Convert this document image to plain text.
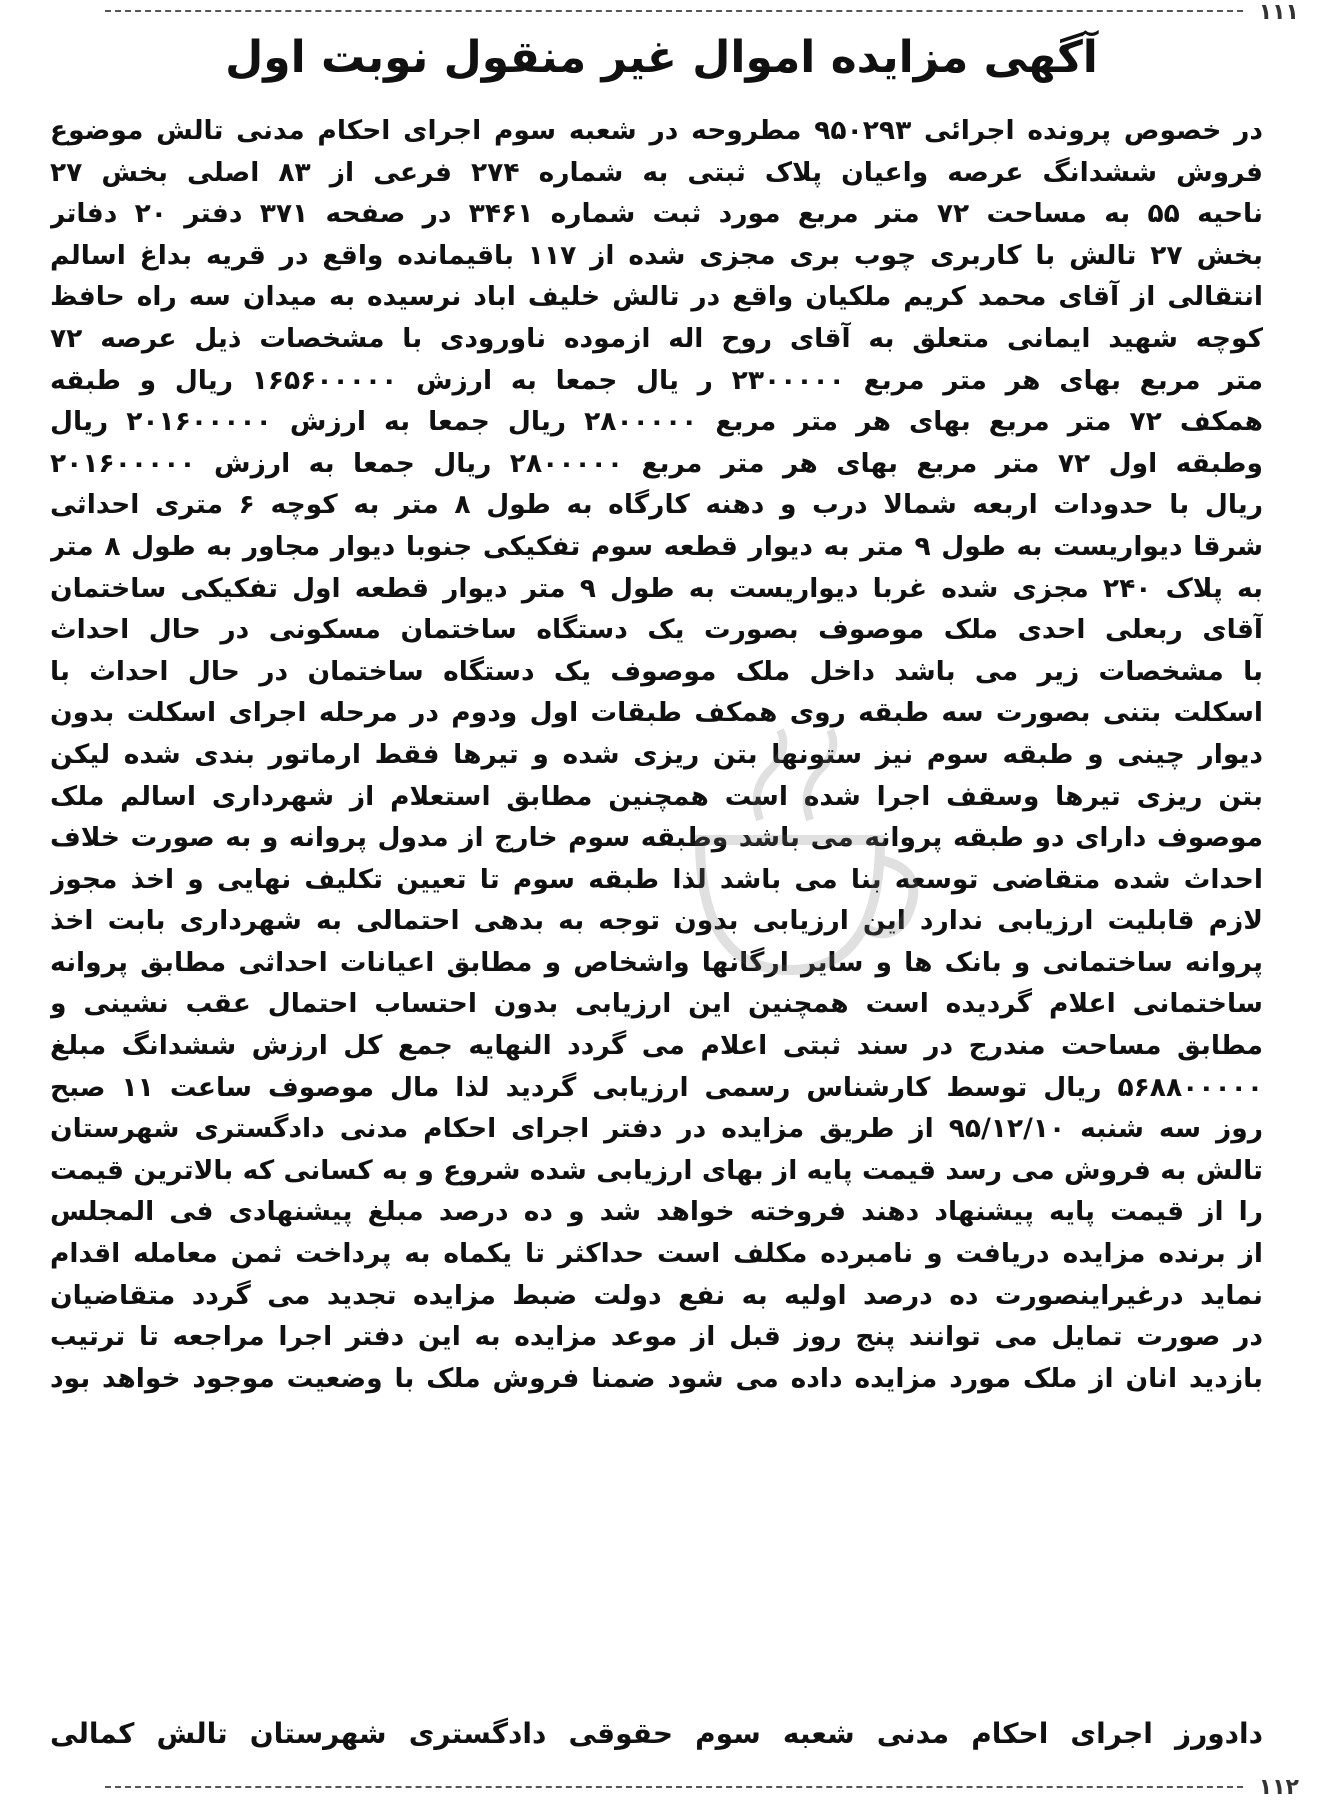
۱۱۱
آگهی مزایده اموال غیر منقول نوبت اول
در خصوص پرونده اجرائی ۹۵۰۲۹۳ مطروحه در شعبه سوم اجرای احکام مدنی تالش موضوع
فروش ششدانگ عرصه واعیان پلاک ثبتی به شماره ۲۷۴ فرعی از ۸۳ اصلی بخش ۲۷
ناحیه ۵۵ به مساحت ۷۲ متر مربع مورد ثبت شماره ۳۴۶۱ در صفحه ۳۷۱ دفتر ۲۰ دفاتر
بخش ۲۷ تالش با کاربری چوب بری مجزی شده از ۱۱۷ باقیمانده واقع در قریه بداغ اسالم
انتقالی از آقای محمد کریم ملکیان واقع در تالش خلیف اباد نرسیده به میدان سه راه حافظ
کوچه شهید ایمانی متعلق به آقای روح اله ازموده ناورودی با مشخصات ذیل عرصه ۷۲
متر مربع بهای هر متر مربع ۲۳۰۰۰۰۰ ر یال جمعا به ارزش ۱۶۵۶۰۰۰۰۰ ریال و طبقه
همکف ۷۲ متر مربع بهای هر متر مربع ۲۸۰۰۰۰۰ ریال جمعا به ارزش ۲۰۱۶۰۰۰۰۰ ریال
وطبقه اول ۷۲ متر مربع بهای هر متر مربع ۲۸۰۰۰۰۰ ریال جمعا به ارزش ۲۰۱۶۰۰۰۰۰
ریال با حدودات اربعه شمالا درب و دهنه کارگاه به طول ۸ متر به کوچه ۶ متری احداثی
شرقا دیواریست به طول ۹ متر به دیوار قطعه سوم تفکیکی جنوبا دیوار مجاور به طول ۸ متر
به پلاک ۲۴۰ مجزی شده غربا دیواریست به طول ۹ متر دیوار قطعه اول تفکیکی ساختمان
آقای ربعلی احدی ملک موصوف بصورت یک دستگاه ساختمان مسکونی در حال احداث
با مشخصات زیر می باشد داخل ملک موصوف یک دستگاه ساختمان در حال احداث با
اسکلت بتنی بصورت سه طبقه روی همکف طبقات اول ودوم در مرحله اجرای اسکلت بدون
دیوار چینی و طبقه سوم نیز ستونها بتن ریزی شده و تیرها فقط ارماتور بندی شده لیکن
بتن ریزی تیرها وسقف اجرا شده است همچنین مطابق استعلام از شهرداری اسالم ملک
موصوف دارای دو طبقه پروانه می باشد وطبقه سوم خارج از مدول پروانه و به صورت خلاف
احداث شده متقاضی توسعه بنا می باشد لذا طبقه سوم تا تعیین تکلیف نهایی و اخذ مجوز
لازم قابلیت ارزیابی ندارد این ارزیابی بدون توجه به بدهی احتمالی به شهرداری بابت اخذ
پروانه ساختمانی و بانک ها و سایر ارگانها واشخاص و مطابق اعیانات احداثی مطابق پروانه
ساختمانی اعلام گردیده است همچنین این ارزیابی بدون احتساب احتمال عقب نشینی و
مطابق مساحت مندرج در سند ثبتی اعلام می گردد النهایه جمع کل ارزش ششدانگ مبلغ
۵۶۸۸۰۰۰۰۰ ریال توسط کارشناس رسمی ارزیابی گردید لذا مال موصوف ساعت ۱۱ صبح
روز سه شنبه ۹۵/۱۲/۱۰ از طریق مزایده در دفتر اجرای احکام مدنی دادگستری شهرستان
تالش به فروش می رسد قیمت پایه از بهای ارزیابی شده شروع و به کسانی که بالاترین قیمت
را از قیمت پایه پیشنهاد دهند فروخته خواهد شد و ده درصد مبلغ پیشنهادی فی المجلس
از برنده مزایده دریافت و نامبرده مکلف است حداکثر تا یکماه به پرداخت ثمن معامله اقدام
نماید درغیراینصورت ده درصد اولیه به نفع دولت ضبط مزایده تجدید می گردد متقاضیان
در صورت تمایل می توانند پنج روز قبل از موعد مزایده به این دفتر اجرا مراجعه تا ترتیب
بازدید انان از ملک مورد مزایده داده می شود ضمنا فروش ملک با وضعیت موجود خواهد بود
دادورز اجرای احکام مدنی شعبه سوم حقوقی دادگستری شهرستان تالش کمالی
۱۱۲
